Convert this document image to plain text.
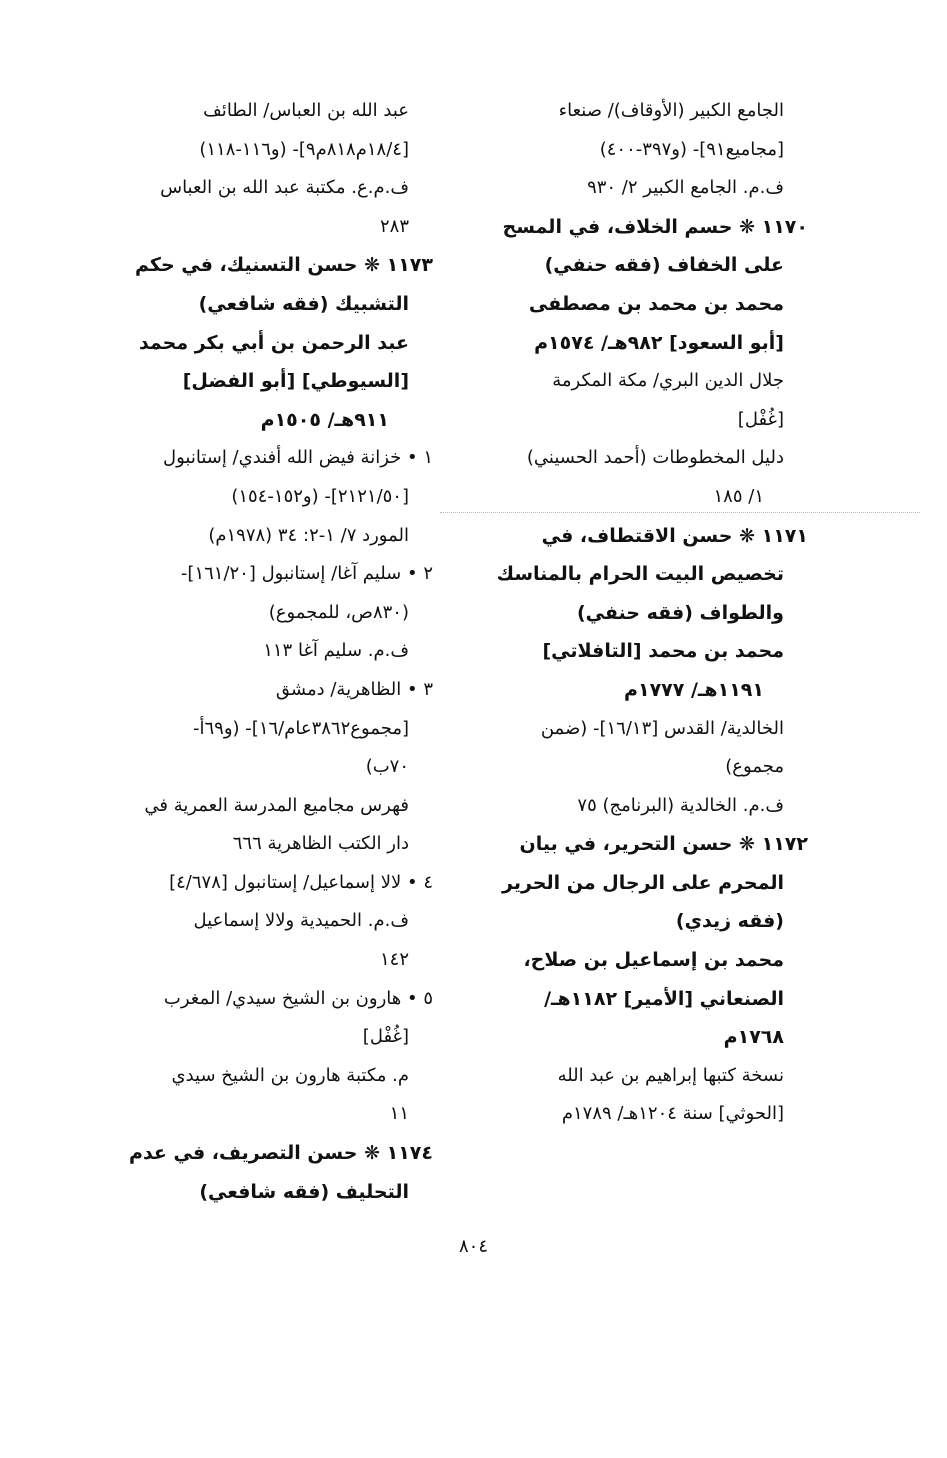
الجامع الكبير (الأوقاف)/ صنعاء
[مجاميع٩١]- (و٣٩٧-٤٠٠)
ف.م. الجامع الكبير ٢/ ٩٣٠
١١٧٠ ❋ حسم الخلاف، في المسح
على الخفاف (فقه حنفي)
محمد بن محمد بن مصطفى
[أبو السعود] ٩٨٢هـ/ ١٥٧٤م
جلال الدين البري/ مكة المكرمة
[غُفْل]
دليل المخطوطات (أحمد الحسيني)
١/ ١٨٥
١١٧١ ❋ حسن الاقتطاف، في
تخصيص البيت الحرام بالمناسك
والطواف (فقه حنفي)
محمد بن محمد [التافلاتي]
١١٩١هـ/ ١٧٧٧م
الخالدية/ القدس [١٦/١٣]- (ضمن
مجموع)
ف.م. الخالدية (البرنامج) ٧٥
١١٧٢ ❋ حسن التحرير، في بيان
المحرم على الرجال من الحرير
(فقه زيدي)
محمد بن إسماعيل بن صلاح،
الصنعاني [الأمير] ١١٨٢هـ/
١٧٦٨م
نسخة كتبها إبراهيم بن عبد الله
[الحوثي] سنة ١٢٠٤هـ/ ١٧٨٩م
عبد الله بن العباس/ الطائف
[١٨/٤م٨١٨م٩]- (و١١٦-١١٨)
ف.م.ع. مكتبة عبد الله بن العباس
٢٨٣
١١٧٣ ❋ حسن التسنيك، في حكم
التشبيك (فقه شافعي)
عبد الرحمن بن أبي بكر محمد
[السيوطي] [أبو الفضل]
٩١١هـ/ ١٥٠٥م
١ • خزانة فيض الله أفندي/ إستانبول
[٢١٢١/٥٠]- (و١٥٢-١٥٤)
المورد ٧/ ١-٢: ٣٤ (١٩٧٨م)
٢ • سليم آغا/ إستانبول [١٦١/٢٠]-
(٨٣٠ص، للمجموع)
ف.م. سليم آغا ١١٣
٣ • الظاهرية/ دمشق
[مجموع٣٨٦٢عام/١٦]- (و٦٩أ-
٧٠ب)
فهرس مجاميع المدرسة العمرية في
دار الكتب الظاهرية ٦٦٦
٤ • لالا إسماعيل/ إستانبول [٤/٦٧٨]
ف.م. الحميدية ولالا إسماعيل
١٤٢
٥ • هارون بن الشيخ سيدي/ المغرب
[غُفْل]
م. مكتبة هارون بن الشيخ سيدي
١١
١١٧٤ ❋ حسن التصريف، في عدم
التحليف (فقه شافعي)
٨٠٤
